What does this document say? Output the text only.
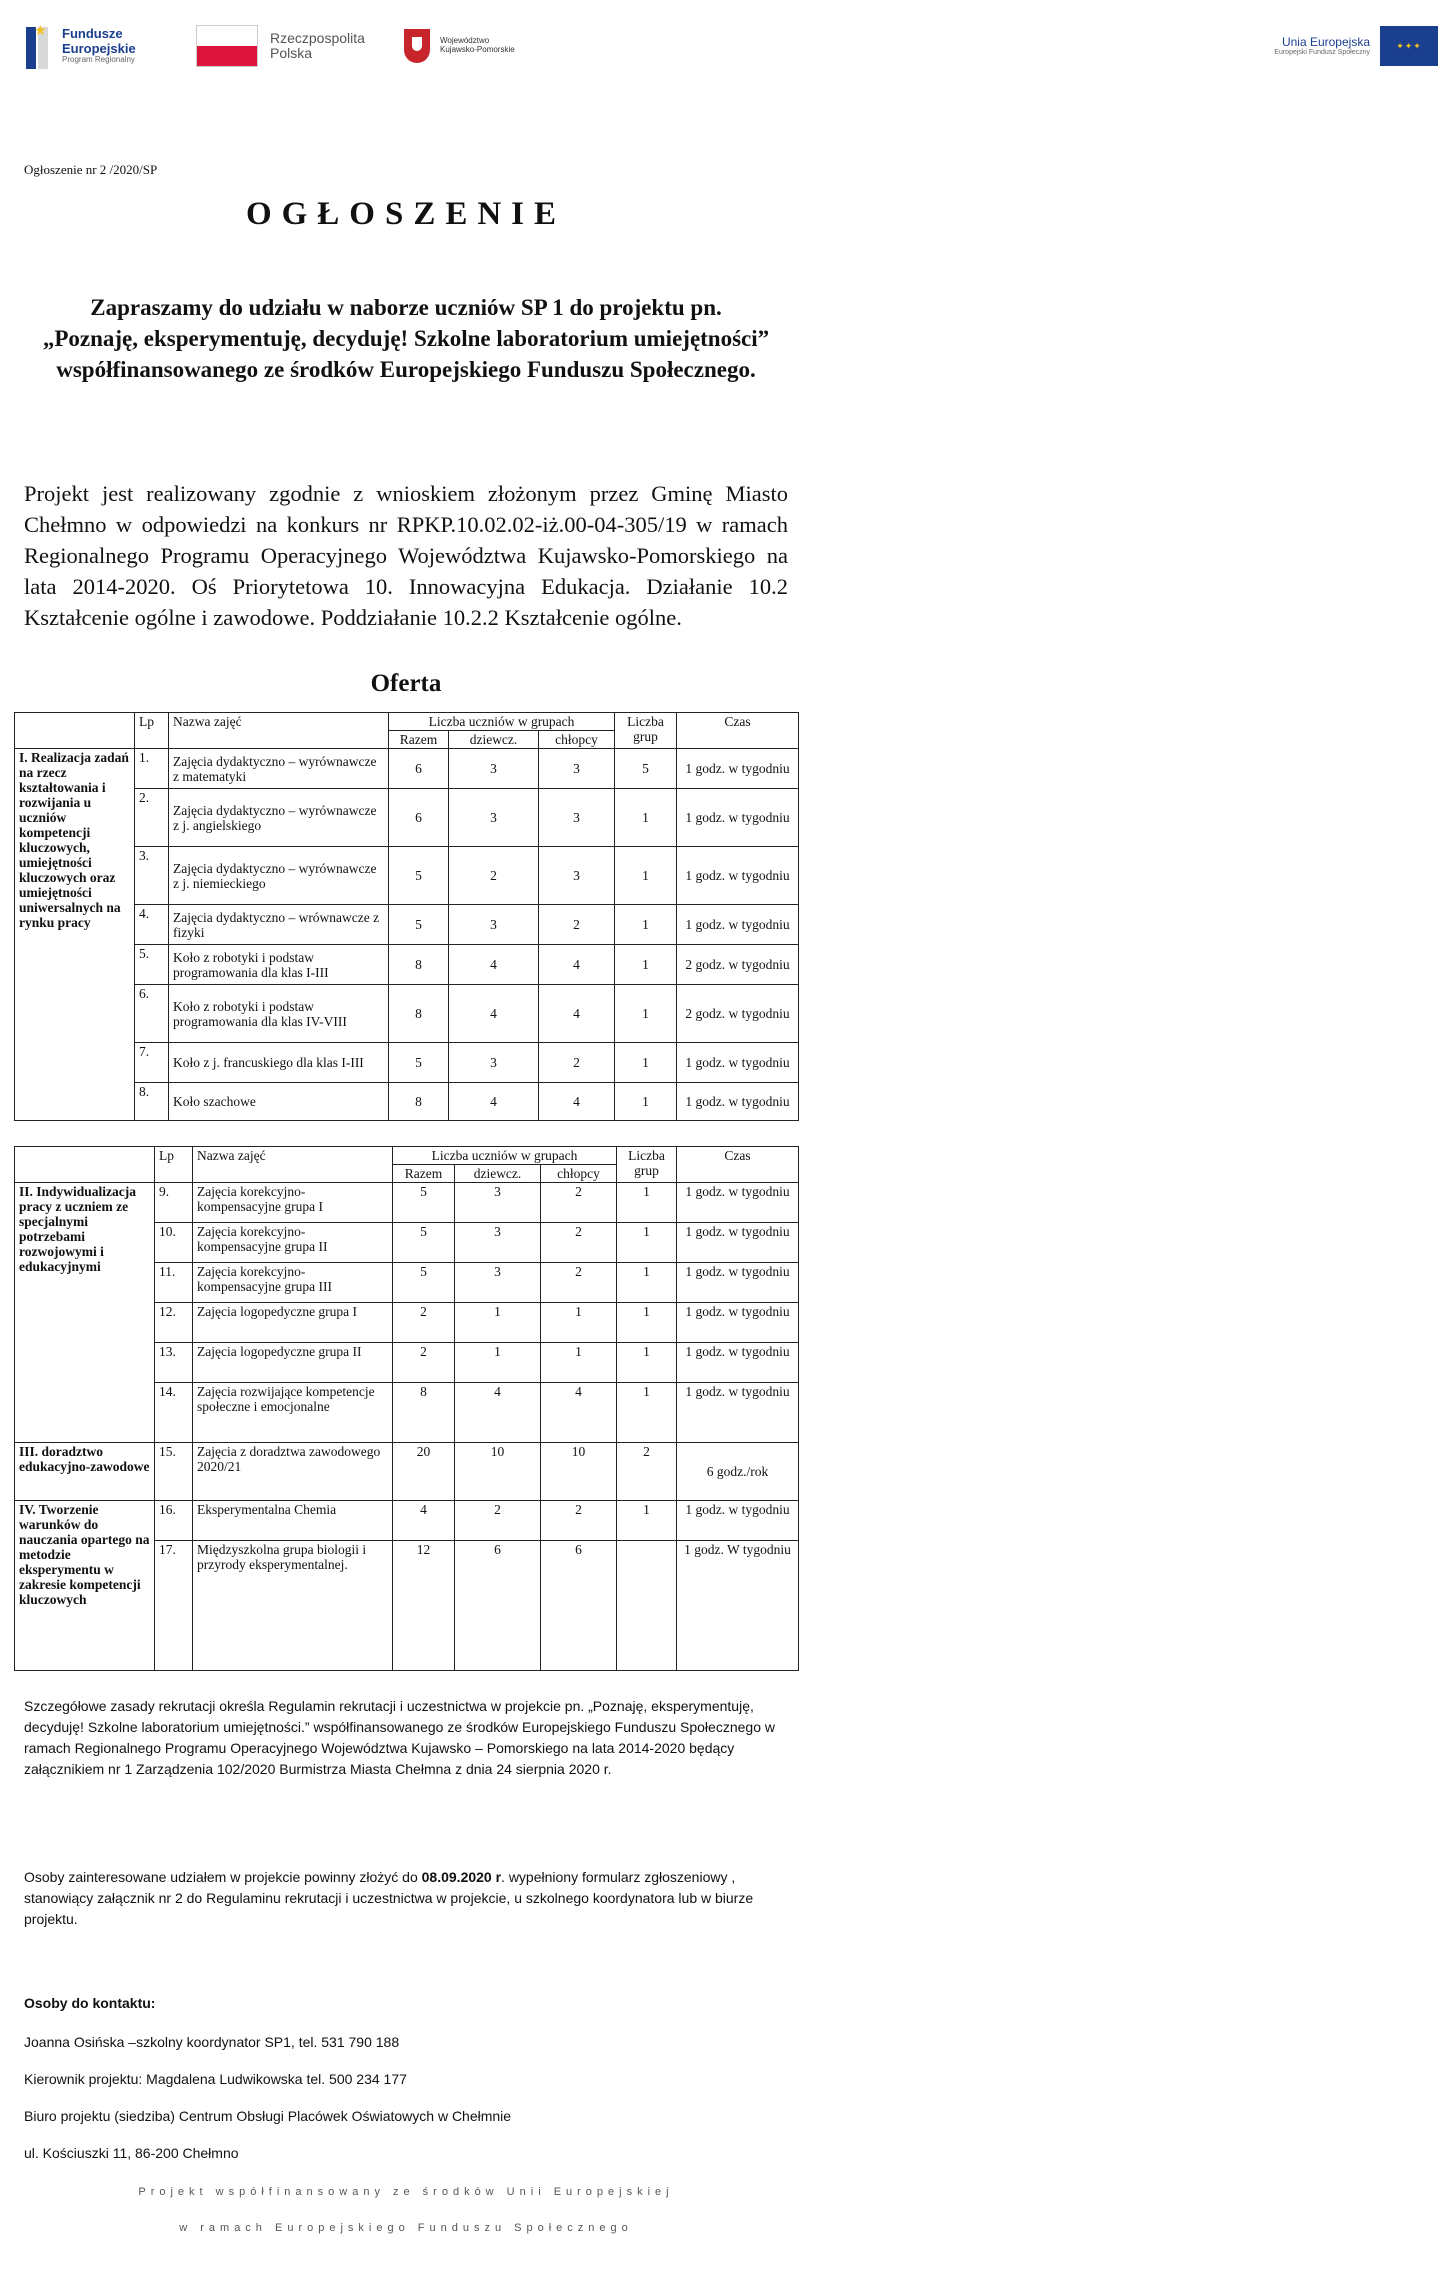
★ Fundusze
Europejskie
Program Regionalny
Rzeczpospolita
Polska
Województwo
Kujawsko-Pomorskie
Unia Europejska
Europejski Fundusz Społeczny
✦✦✦
Ogłoszenie nr 2 /2020/SP
OGŁOSZENIE
Zapraszamy do udziału w naborze uczniów SP 1 do projektu pn. „Poznaję, eksperymentuję, decyduję! Szkolne laboratorium umiejętności” współfinansowanego ze środków Europejskiego Funduszu Społecznego.
Projekt jest realizowany zgodnie z wnioskiem złożonym przez Gminę Miasto Chełmno w odpowiedzi na konkurs nr RPKP.10.02.02-iż.00-04-305/19 w ramach Regionalnego Programu Operacyjnego Województwa Kujawsko-Pomorskiego na lata 2014-2020. Oś Priorytetowa 10. Innowacyjna Edukacja. Działanie 10.2 Kształcenie ogólne i zawodowe. Poddziałanie 10.2.2 Kształcenie ogólne.
Oferta
	Lp	Nazwa zajęć	Liczba uczniów w grupach			Liczba grup	Czas
			Razem	dziewcz.	chłopcy		
I. Realizacja zadań na rzecz kształtowania i rozwijania u uczniów kompetencji kluczowych, umiejętności kluczowych oraz umiejętności uniwersalnych na rynku pracy	1.	Zajęcia dydaktyczno – wyrównawcze z matematyki	6	3	3	5	1 godz. w tygodniu
	2.	Zajęcia dydaktyczno – wyrównawcze z j. angielskiego	6	3	3	1	1 godz. w tygodniu
	3.	Zajęcia dydaktyczno – wyrównawcze z j. niemieckiego	5	2	3	1	1 godz. w tygodniu
	4.	Zajęcia dydaktyczno – wrównawcze z fizyki	5	3	2	1	1 godz. w tygodniu
	5.	Koło z robotyki i podstaw programowania dla klas I-III	8	4	4	1	2 godz. w tygodniu
	6.	Koło z robotyki i podstaw programowania dla klas IV-VIII	8	4	4	1	2 godz. w tygodniu
	7.	Koło z j. francuskiego dla klas I-III	5	3	2	1	1 godz. w tygodniu
	8.	Koło szachowe	8	4	4	1	1 godz. w tygodniu
	Lp	Nazwa zajęć	Liczba uczniów w grupach			Liczba grup	Czas
			Razem	dziewcz.	chłopcy		
II. Indywidualizacja pracy z uczniem ze specjalnymi potrzebami rozwojowymi i edukacyjnymi	9.	Zajęcia korekcyjno-kompensacyjne grupa I	5	3	2	1	1 godz. w tygodniu
	10.	Zajęcia korekcyjno-kompensacyjne grupa II	5	3	2	1	1 godz. w tygodniu
	11.	Zajęcia korekcyjno-kompensacyjne grupa III	5	3	2	1	1 godz. w tygodniu
	12.	Zajęcia logopedyczne grupa I	2	1	1	1	1 godz. w tygodniu
	13.	Zajęcia logopedyczne grupa II	2	1	1	1	1 godz. w tygodniu
	14.	Zajęcia rozwijające kompetencje społeczne i emocjonalne	8	4	4	1	1 godz. w tygodniu
III. doradztwo edukacyjno-zawodowe	15.	Zajęcia z doradztwa zawodowego 2020/21	20	10	10	2	6 godz./rok
IV. Tworzenie warunków do nauczania opartego na metodzie eksperymentu w zakresie kompetencji kluczowych	16.	Eksperymentalna Chemia	4	2	2	1	1 godz. w tygodniu
	17.	Międzyszkolna grupa biologii i przyrody eksperymentalnej.	12	6	6		1 godz. W tygodniu
Szczegółowe zasady rekrutacji określa Regulamin rekrutacji i uczestnictwa w projekcie pn. „Poznaję, eksperymentuję, decyduję! Szkolne laboratorium umiejętności.” współfinansowanego ze środków Europejskiego Funduszu Społecznego w ramach Regionalnego Programu Operacyjnego Województwa Kujawsko – Pomorskiego na lata 2014-2020 będący załącznikiem nr 1 Zarządzenia 102/2020 Burmistrza Miasta Chełmna z dnia 24 sierpnia 2020 r.
Osoby zainteresowane udziałem w projekcie powinny złożyć do 08.09.2020 r. wypełniony formularz zgłoszeniowy , stanowiący załącznik nr 2 do Regulaminu rekrutacji i uczestnictwa w projekcie, u szkolnego koordynatora lub w biurze projektu.
Osoby do kontaktu:
Joanna Osińska –szkolny koordynator SP1, tel. 531 790 188
Kierownik projektu: Magdalena Ludwikowska tel. 500 234 177
Biuro projektu (siedziba) Centrum Obsługi Placówek Oświatowych w Chełmnie
ul. Kościuszki 11, 86-200 Chełmno
Projekt współfinansowany ze środków Unii Europejskiej
w ramach Europejskiego Funduszu Społecznego
